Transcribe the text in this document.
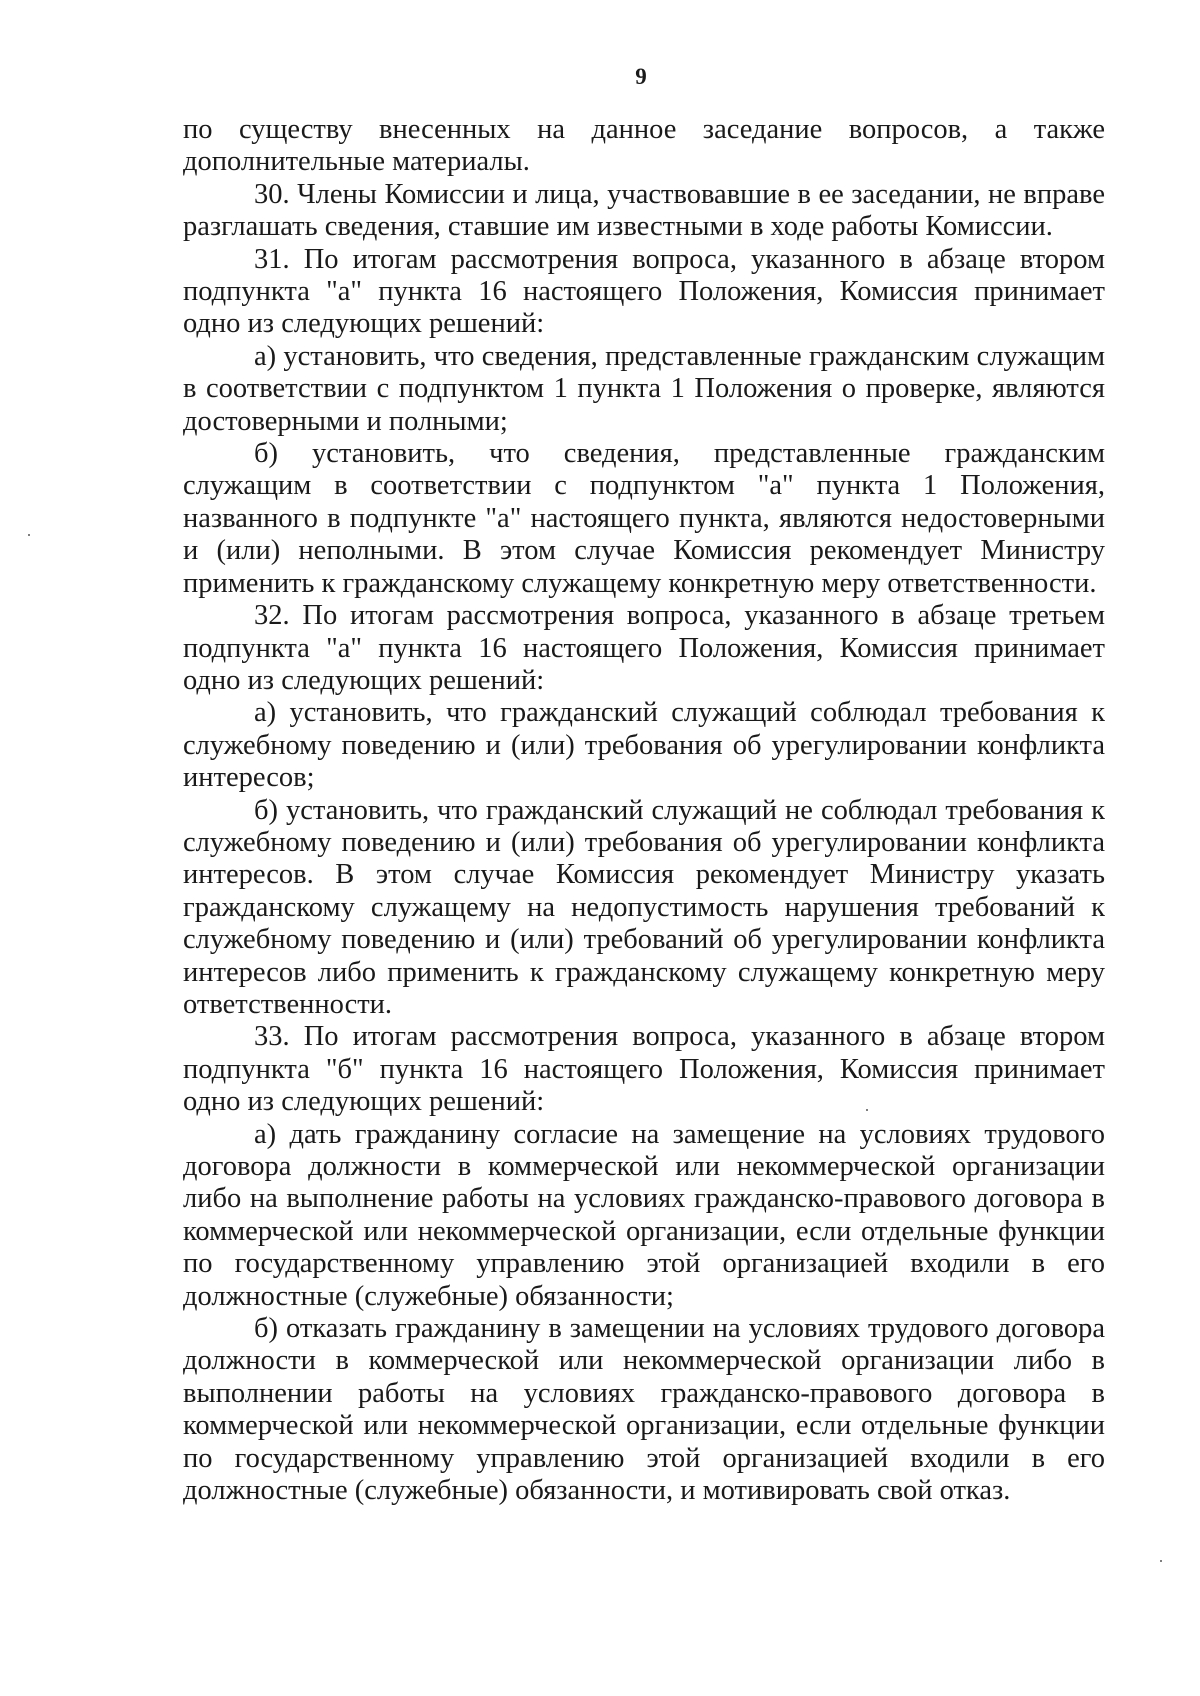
9

по существу внесенных на данное заседание вопросов, а также дополнительные материалы.

30. Члены Комиссии и лица, участвовавшие в ее заседании, не вправе разглашать сведения, ставшие им известными в ходе работы Комиссии.

31. По итогам рассмотрения вопроса, указанного в абзаце втором подпункта "а" пункта 16 настоящего Положения, Комиссия принимает одно из следующих решений:

а) установить, что сведения, представленные гражданским служащим в соответствии с подпунктом 1 пункта 1 Положения о проверке, являются достоверными и полными;

б) установить, что сведения, представленные гражданским служащим в соответствии с подпунктом "а" пункта 1 Положения, названного в подпункте "а" настоящего пункта, являются недостоверными и (или) неполными. В этом случае Комиссия рекомендует Министру применить к гражданскому служащему конкретную меру ответственности.

32. По итогам рассмотрения вопроса, указанного в абзаце третьем подпункта "а" пункта 16 настоящего Положения, Комиссия принимает одно из следующих решений:

а) установить, что гражданский служащий соблюдал требования к служебному поведению и (или) требования об урегулировании конфликта интересов;

б) установить, что гражданский служащий не соблюдал требования к служебному поведению и (или) требования об урегулировании конфликта интересов. В этом случае Комиссия рекомендует Министру указать гражданскому служащему на недопустимость нарушения требований к служебному поведению и (или) требований об урегулировании конфликта интересов либо применить к гражданскому служащему конкретную меру ответственности.

33. По итогам рассмотрения вопроса, указанного в абзаце втором подпункта "б" пункта 16 настоящего Положения, Комиссия принимает одно из следующих решений:

а) дать гражданину согласие на замещение на условиях трудового договора должности в коммерческой или некоммерческой организации либо на выполнение работы на условиях гражданско-правового договора в коммерческой или некоммерческой организации, если отдельные функции по государственному управлению этой организацией входили в его должностные (служебные) обязанности;

б) отказать гражданину в замещении на условиях трудового договора должности в коммерческой или некоммерческой организации либо в выполнении работы на условиях гражданско-правового договора в коммерческой или некоммерческой организации, если отдельные функции по государственному управлению этой организацией входили в его должностные (служебные) обязанности, и мотивировать свой отказ.
